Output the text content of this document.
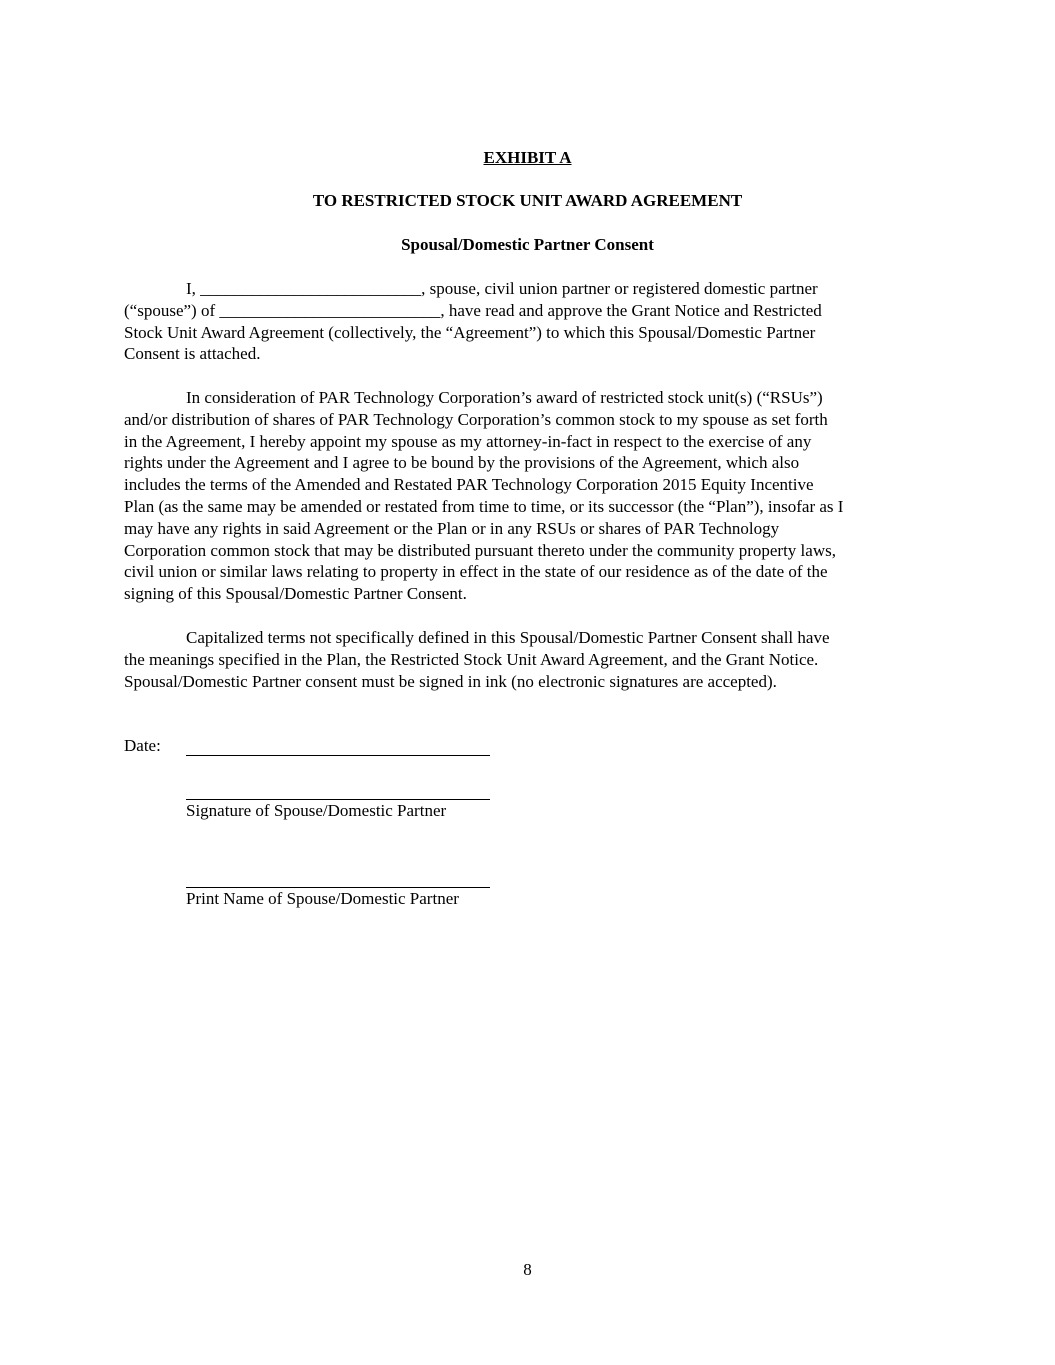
EXHIBIT A
TO RESTRICTED STOCK UNIT AWARD AGREEMENT
Spousal/Domestic Partner Consent

I, __________________________, spouse, civil union partner or registered domestic partner
(“spouse”) of __________________________, have read and approve the Grant Notice and Restricted
Stock Unit Award Agreement (collectively, the “Agreement”) to which this Spousal/Domestic Partner
Consent is attached.

In consideration of PAR Technology Corporation’s award of restricted stock unit(s) (“RSUs”)
and/or distribution of shares of PAR Technology Corporation’s common stock to my spouse as set forth
in the Agreement, I hereby appoint my spouse as my attorney-in-fact in respect to the exercise of any
rights under the Agreement and I agree to be bound by the provisions of the Agreement, which also
includes the terms of the Amended and Restated PAR Technology Corporation 2015 Equity Incentive
Plan (as the same may be amended or restated from time to time, or its successor (the “Plan”), insofar as I
may have any rights in said Agreement or the Plan or in any RSUs or shares of PAR Technology
Corporation common stock that may be distributed pursuant thereto under the community property laws,
civil union or similar laws relating to property in effect in the state of our residence as of the date of the
signing of this Spousal/Domestic Partner Consent.

Capitalized terms not specifically defined in this Spousal/Domestic Partner Consent shall have
the meanings specified in the Plan, the Restricted Stock Unit Award Agreement, and the Grant Notice.
Spousal/Domestic Partner consent must be signed in ink (no electronic signatures are accepted).

Date:
Signature of Spouse/Domestic Partner
Print Name of Spouse/Domestic Partner
8
